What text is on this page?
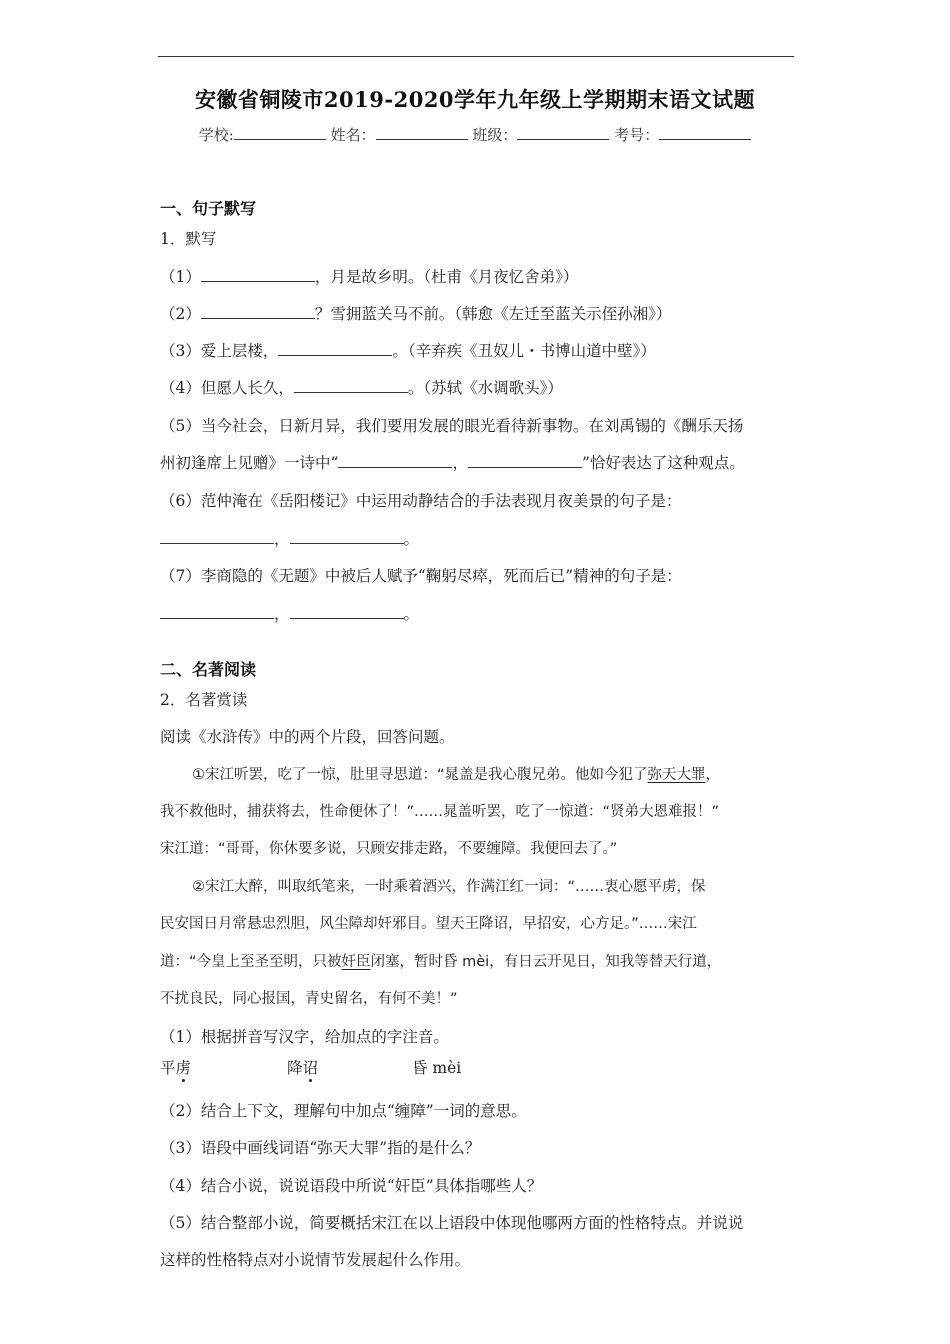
安徽省铜陵市2019-2020学年九年级上学期期末语文试题
学校:	姓名：	班级：	考号：
一、句子默写
1．默写
（1）	，月是故乡明。（杜甫《月夜忆舍弟》）
（2）	？雪拥蓝关马不前。（韩愈《左迁至蓝关示侄孙湘》）
（3）爱上层楼，	。（辛弃疾《丑奴儿・书博山道中壁》）
（4）但愿人长久，	。（苏轼《水调歌头》）
（5）当今社会，日新月异，我们要用发展的眼光看待新事物。在刘禹锡的《酬乐天扬
州初逢席上见赠》一诗中“	，	”恰好表达了这种观点。
（6）范仲淹在《岳阳楼记》中运用动静结合的手法表现月夜美景的句子是：
，	。
（7）李商隐的《无题》中被后人赋予“鞠躬尽瘁，死而后已”精神的句子是：
，	。
二、名著阅读
2．名著赏读
阅读《水浒传》中的两个片段，回答问题。
①宋江听罢，吃了一惊，肚里寻思道：“晁盖是我心腹兄弟。他如今犯了弥天大罪，
我不救他时，捕获将去，性命便休了！”……晁盖听罢，吃了一惊道：“贤弟大恩难报！”
宋江道：“哥哥，你休要多说，只顾安排走路，不要缠障。我便回去了。”
②宋江大醉，叫取纸笔来，一时乘着酒兴，作满江红一词：“……衷心愿平虏，保
民安国日月常悬忠烈胆，风尘障却奸邪目。望天王降诏，早招安，心方足。”……宋江
道：“今皇上至圣至明，只被奸臣闭塞，暂时昏 mèi，有日云开见日，知我等替天行道，
不扰良民，同心报国，青史留名，有何不美！”
（1）根据拼音写汉字，给加点的字注音。
平虏	降诏	昏 mèi
（2）结合上下文，理解句中加点“缠障”一词的意思。
（3）语段中画线词语“弥天大罪”指的是什么？
（4）结合小说，说说语段中所说“奸臣”具体指哪些人？
（5）结合整部小说，简要概括宋江在以上语段中体现他哪两方面的性格特点。并说说
这样的性格特点对小说情节发展起什么作用。
